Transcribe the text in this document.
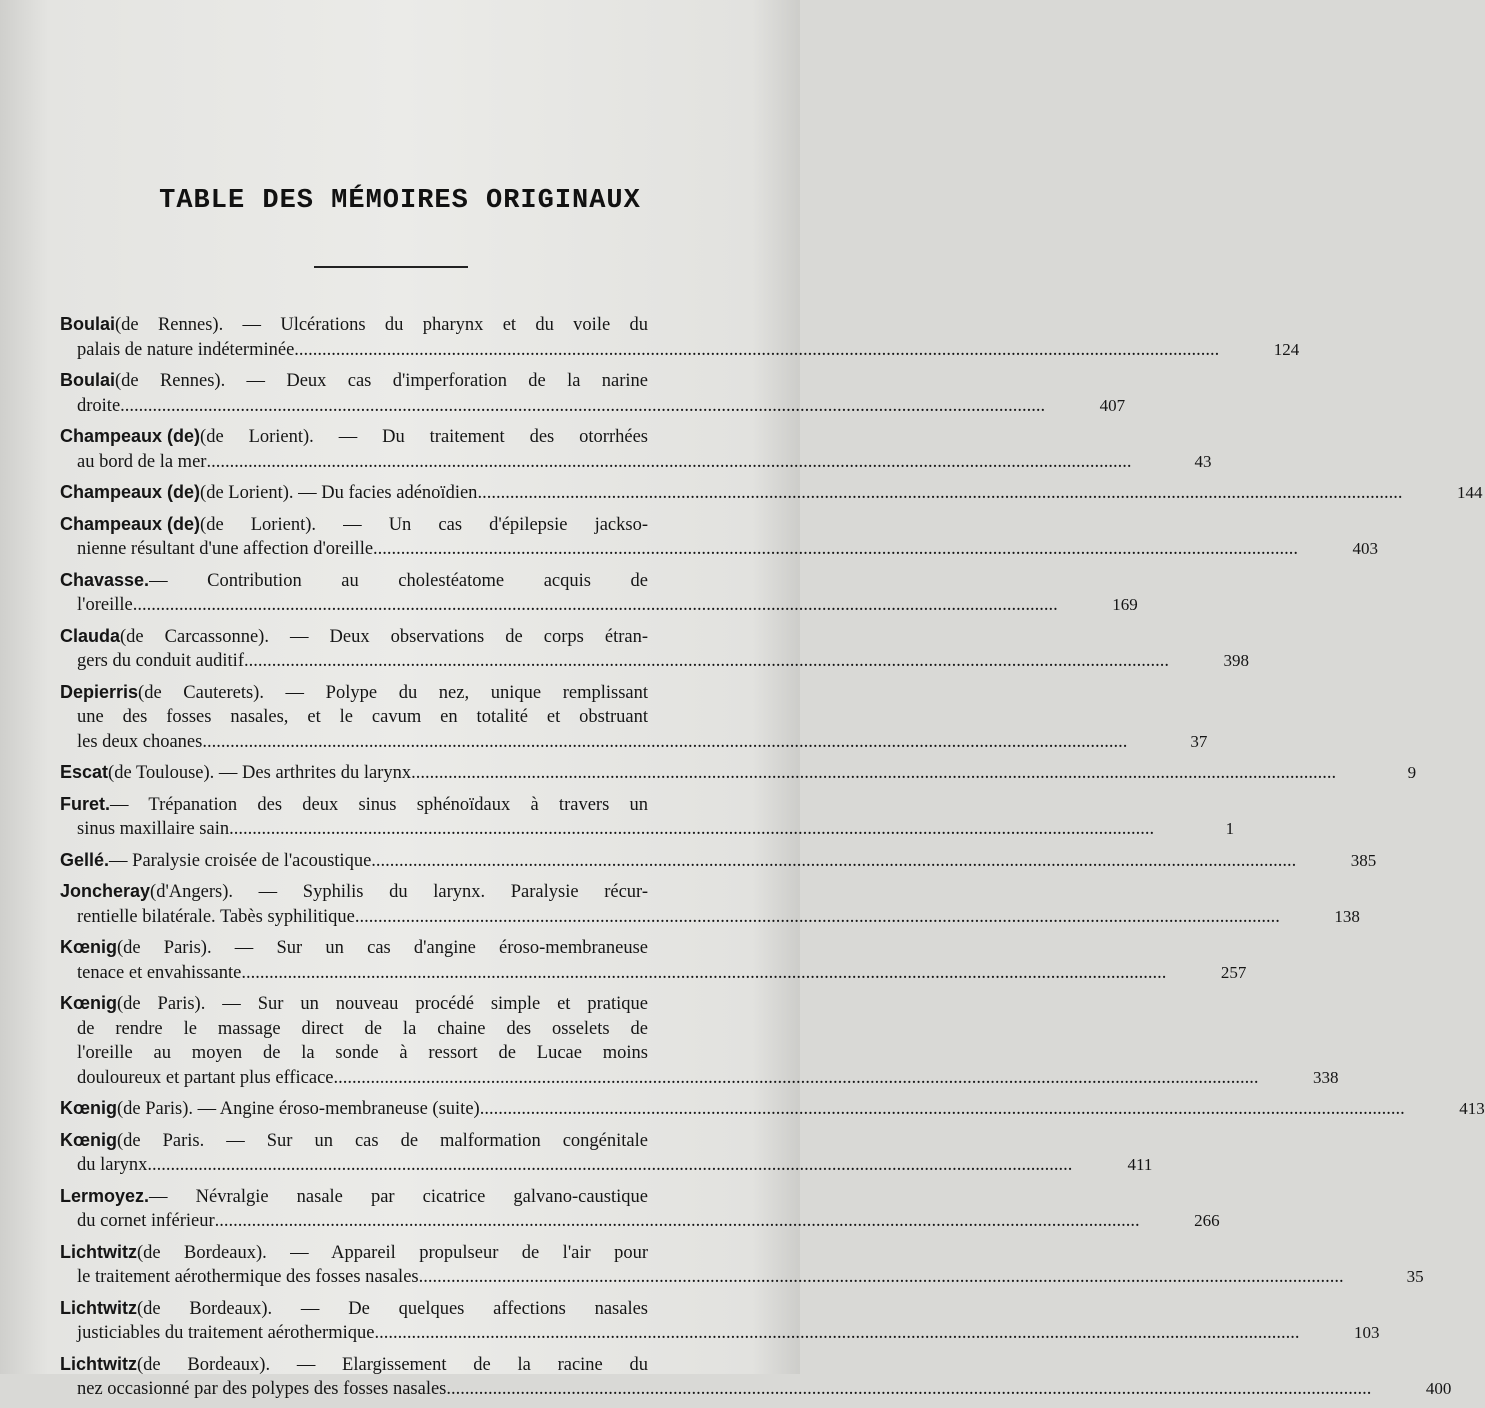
TABLE DES MÉMOIRES ORIGINAUX
Boulai (de Rennes). — Ulcérations du pharynx et du voile du
palais de nature indéterminée ........................................................................................................................................................................................................	124
Boulai (de Rennes). — Deux cas d'imperforation de la narine
droite ........................................................................................................................................................................................................	407
Champeaux (de) (de Lorient). — Du traitement des otorrhées
au bord de la mer ........................................................................................................................................................................................................	43
Champeaux (de) (de Lorient). — Du facies adénoïdien ........................................................................................................................................................................................................	144
Champeaux (de) (de Lorient). — Un cas d'épilepsie jackso-
nienne résultant d'une affection d'oreille ........................................................................................................................................................................................................	403
Chavasse. — Contribution au cholestéatome acquis de
l'oreille ........................................................................................................................................................................................................	169
Clauda (de Carcassonne). — Deux observations de corps étran-
gers du conduit auditif ........................................................................................................................................................................................................	398
Depierris (de Cauterets). — Polype du nez, unique remplissant
une des fosses nasales, et le cavum en totalité et obstruant
les deux choanes ........................................................................................................................................................................................................	37
Escat (de Toulouse). — Des arthrites du larynx ........................................................................................................................................................................................................	9
Furet. — Trépanation des deux sinus sphénoïdaux à travers un
sinus maxillaire sain ........................................................................................................................................................................................................	1
Gellé. — Paralysie croisée de l'acoustique ........................................................................................................................................................................................................	385
Joncheray (d'Angers). — Syphilis du larynx. Paralysie récur-
rentielle bilatérale. Tabès syphilitique ........................................................................................................................................................................................................	138
Kœnig (de Paris). — Sur un cas d'angine éroso-membraneuse
tenace et envahissante ........................................................................................................................................................................................................	257
Kœnig (de Paris). — Sur un nouveau procédé simple et pratique
de rendre le massage direct de la chaine des osselets de
l'oreille au moyen de la sonde à ressort de Lucae moins
douloureux et partant plus efficace ........................................................................................................................................................................................................	338
Kœnig (de Paris). — Angine éroso-membraneuse (suite) ........................................................................................................................................................................................................	413
Kœnig (de Paris. — Sur un cas de malformation congénitale
du larynx ........................................................................................................................................................................................................	411
Lermoyez. — Névralgie nasale par cicatrice galvano-caustique
du cornet inférieur ........................................................................................................................................................................................................	266
Lichtwitz (de Bordeaux). — Appareil propulseur de l'air pour
le traitement aérothermique des fosses nasales ........................................................................................................................................................................................................	35
Lichtwitz (de Bordeaux). — De quelques affections nasales
justiciables du traitement aérothermique ........................................................................................................................................................................................................	103
Lichtwitz (de Bordeaux). — Elargissement de la racine du
nez occasionné par des polypes des fosses nasales ........................................................................................................................................................................................................	400
